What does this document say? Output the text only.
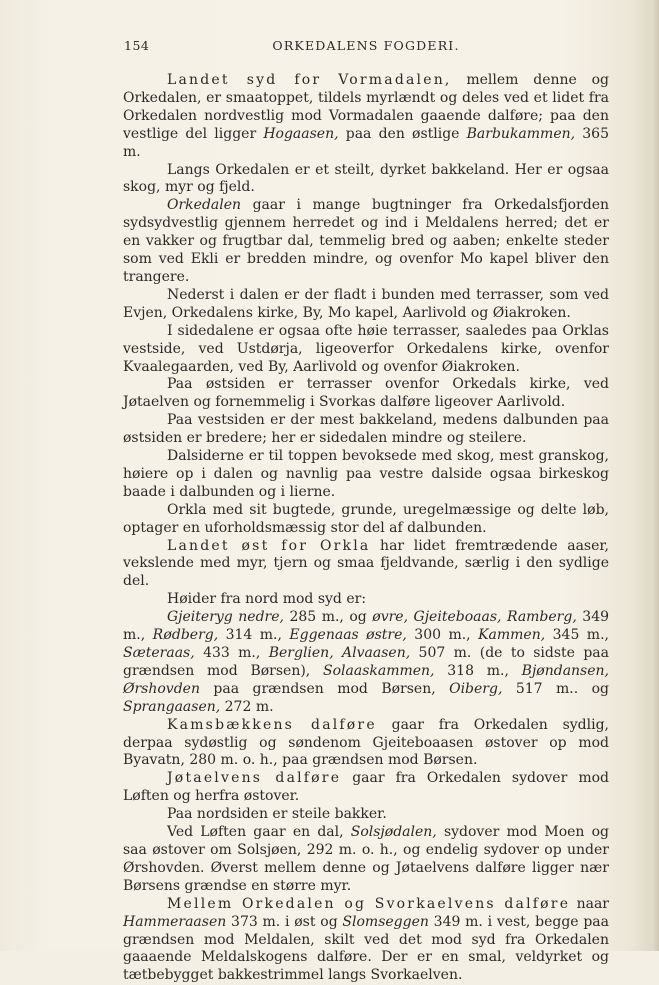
154	ORKEDALENS FOGDERI.

Landet syd for Vormadalen, mellem denne og Orkedalen, er smaatoppet, tildels myrlændt og deles ved et lidet fra Orkedalen nordvestlig mod Vormadalen gaaende dalføre; paa den vestlige del ligger Hogaasen, paa den østlige Barbukammen, 365 m.

Langs Orkedalen er et steilt, dyrket bakkeland. Her er ogsaa skog, myr og fjeld.

Orkedalen gaar i mange bugtninger fra Orkedalsfjorden sydsydvestlig gjennem herredet og ind i Meldalens herred; det er en vakker og frugtbar dal, temmelig bred og aaben; enkelte steder som ved Ekli er bredden mindre, og ovenfor Mo kapel bliver den trangere.

Nederst i dalen er der fladt i bunden med terrasser, som ved Evjen, Orkedalens kirke, By, Mo kapel, Aarlivold og Øiakroken.

I sidedalene er ogsaa ofte høie terrasser, saaledes paa Orklas vestside, ved Ustdørja, ligeoverfor Orkedalens kirke, ovenfor Kvaalegaarden, ved By, Aarlivold og ovenfor Øiakroken.

Paa østsiden er terrasser ovenfor Orkedals kirke, ved Jøtaelven og fornemmelig i Svorkas dalføre ligeover Aarlivold.

Paa vestsiden er der mest bakkeland, medens dalbunden paa østsiden er bredere; her er sidedalen mindre og steilere.

Dalsiderne er til toppen bevoksede med skog, mest granskog, høiere op i dalen og navnlig paa vestre dalside ogsaa birkeskog baade i dalbunden og i lierne.

Orkla med sit bugtede, grunde, uregelmæssige og delte løb, optager en uforholdsmæssig stor del af dalbunden.

Landet øst for Orkla har lidet fremtrædende aaser, vekslende med myr, tjern og smaa fjeldvande, særlig i den sydlige del.

Høider fra nord mod syd er:

Gjeiteryg nedre, 285 m., og øvre, Gjeiteboaas, Ramberg, 349 m., Rødberg, 314 m., Eggenaas østre, 300 m., Kammen, 345 m., Sæteraas, 433 m., Berglien, Alvaasen, 507 m. (de to sidste paa grændsen mod Børsen), Solaaskammen, 318 m., Bjøndansen, Ørshovden paa grændsen mod Børsen, Oiberg, 517 m.. og Sprangaasen, 272 m.

Kamsbækkens dalføre gaar fra Orkedalen sydlig, derpaa sydøstlig og søndenom Gjeiteboaasen østover op mod Byavatn, 280 m. o. h., paa grændsen mod Børsen.

Jøtaelvens dalføre gaar fra Orkedalen sydover mod Løften og herfra østover.

Paa nordsiden er steile bakker.

Ved Løften gaar en dal, Solsjødalen, sydover mod Moen og saa østover om Solsjøen, 292 m. o. h., og endelig sydover op under Ørshovden. Øverst mellem denne og Jøtaelvens dalføre ligger nær Børsens grændse en større myr.

Mellem Orkedalen og Svorkaelvens dalføre naar Hammeraasen 373 m. i øst og Slomseggen 349 m. i vest, begge paa grændsen mod Meldalen, skilt ved det mod syd fra Orkedalen gaaaende Meldalskogens dalføre. Der er en smal, veldyrket og tætbebygget bakkestrimmel langs Svorkaelven.
